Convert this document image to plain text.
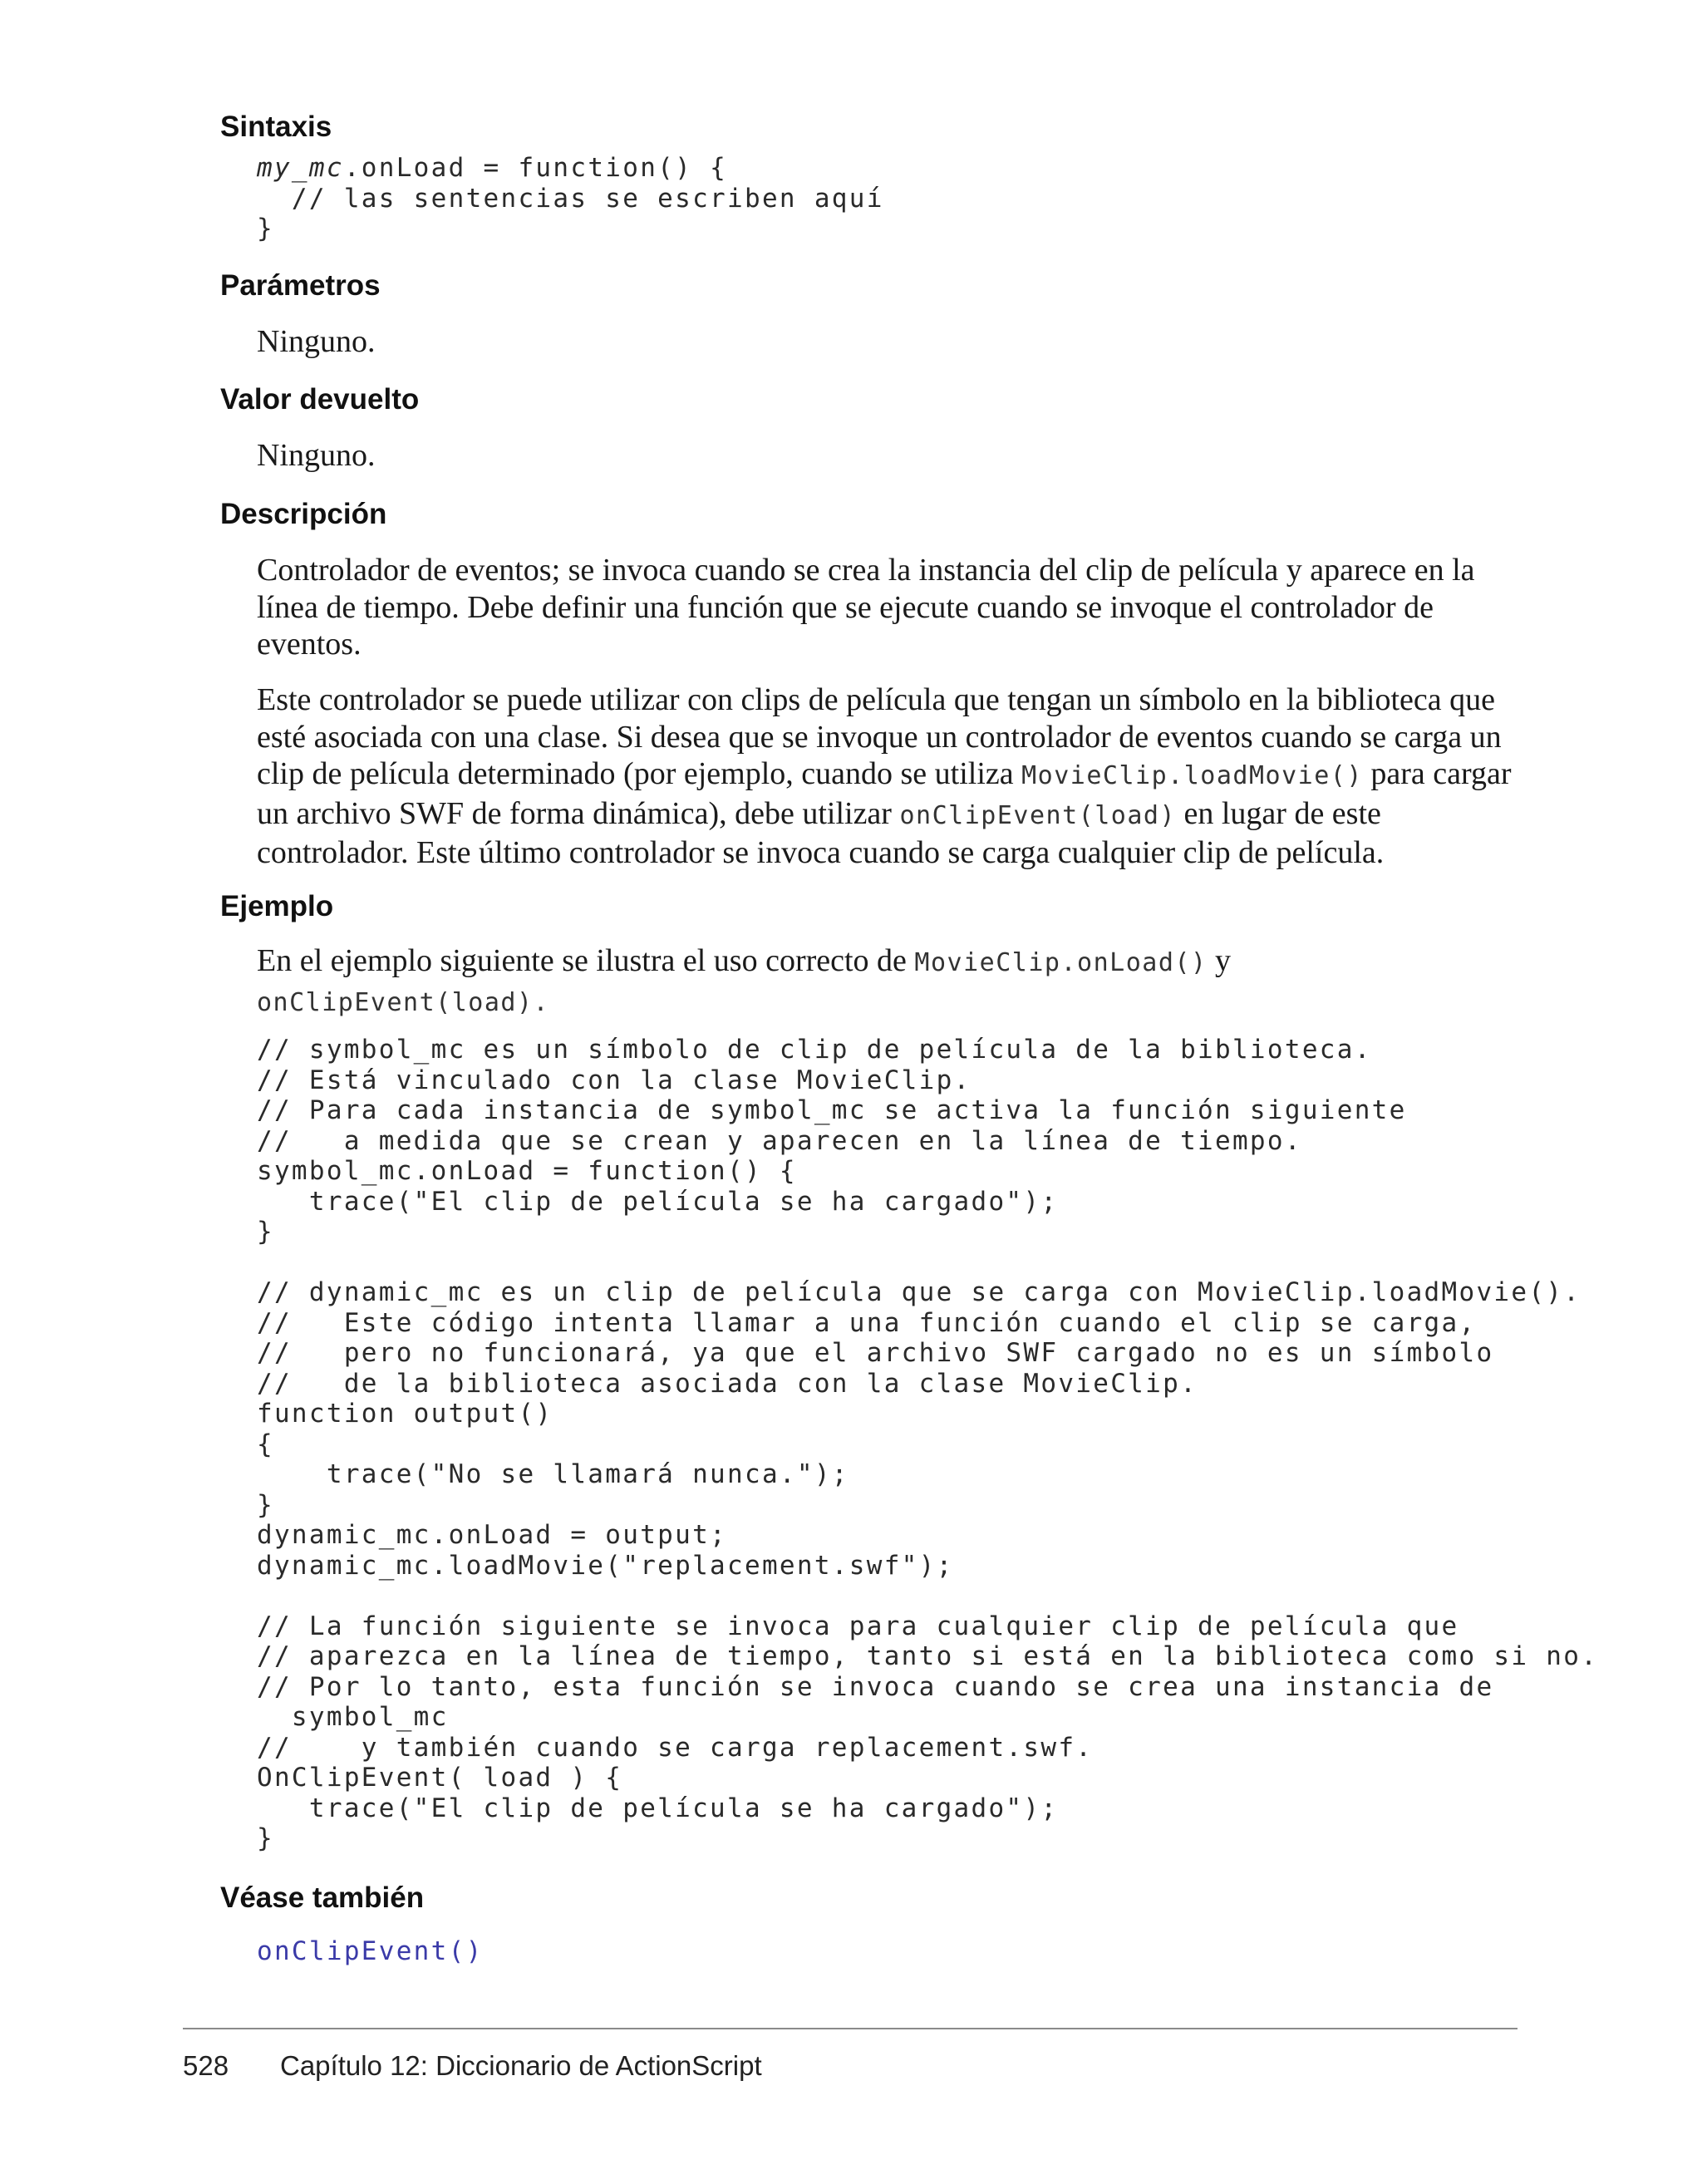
Sintaxis
my_mc.onLoad = function() {
// las sentencias se escriben aquí
}
Parámetros

Ninguno.

Valor devuelto

Ninguno.

Descripción

Controlador de eventos; se invoca cuando se crea la instancia del clip de película y aparece en la línea de tiempo. Debe definir una función que se ejecute cuando se invoque el controlador de eventos.

Este controlador se puede utilizar con clips de película que tengan un símbolo en la biblioteca que esté asociada con una clase. Si desea que se invoque un controlador de eventos cuando se carga un clip de película determinado (por ejemplo, cuando se utiliza MovieClip.loadMovie() para cargar un archivo SWF de forma dinámica), debe utilizar onClipEvent(load) en lugar de este controlador. Este último controlador se invoca cuando se carga cualquier clip de película.

Ejemplo

En el ejemplo siguiente se ilustra el uso correcto de MovieClip.onLoad() y
onClipEvent(load).

// symbol_mc es un símbolo de clip de película de la biblioteca.
// Está vinculado con la clase MovieClip.
// Para cada instancia de symbol_mc se activa la función siguiente
//   a medida que se crean y aparecen en la línea de tiempo.
symbol_mc.onLoad = function() {
trace("El clip de película se ha cargado");
}

// dynamic_mc es un clip de película que se carga con MovieClip.loadMovie().
//   Este código intenta llamar a una función cuando el clip se carga,
//   pero no funcionará, ya que el archivo SWF cargado no es un símbolo
//   de la biblioteca asociada con la clase MovieClip.
function output()
{
trace("No se llamará nunca.");
}
dynamic_mc.onLoad = output;
dynamic_mc.loadMovie("replacement.swf");

// La función siguiente se invoca para cualquier clip de película que
// aparezca en la línea de tiempo, tanto si está en la biblioteca como si no.
// Por lo tanto, esta función se invoca cuando se crea una instancia de
symbol_mc
//    y también cuando se carga replacement.swf.
OnClipEvent( load ) {
trace("El clip de película se ha cargado");
}
Véase también
onClipEvent()

528 Capítulo 12: Diccionario de ActionScript
